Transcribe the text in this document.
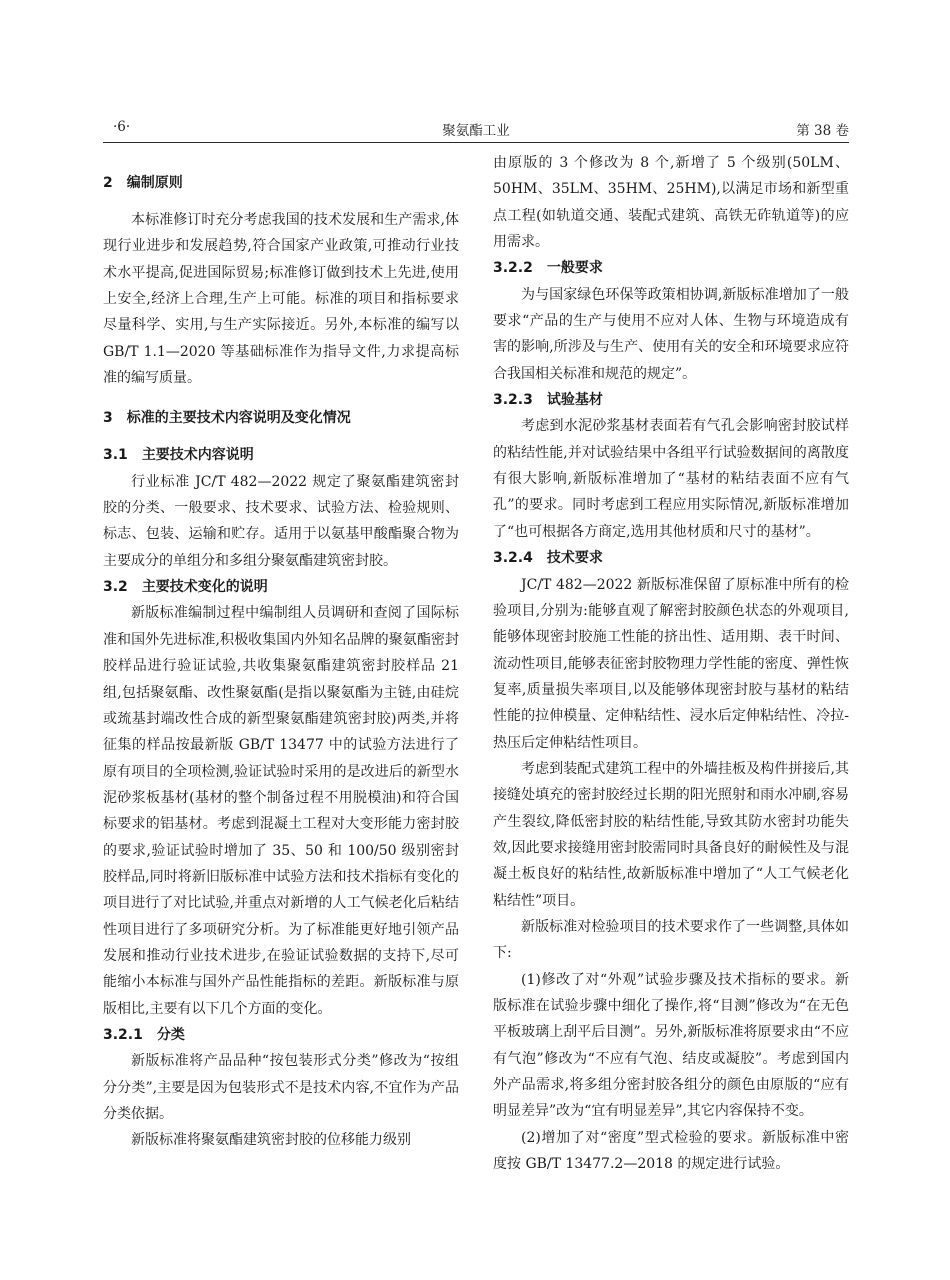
·6·	聚氨酯工业	第 38 卷
2 编制原则

本标准修订时充分考虑我国的技术发展和生产需求,体现行业进步和发展趋势,符合国家产业政策,可推动行业技术水平提高,促进国际贸易;标准修订做到技术上先进,使用上安全,经济上合理,生产上可能。标准的项目和指标要求尽量科学、实用,与生产实际接近。另外,本标准的编写以 GB/T 1.1—2020 等基础标准作为指导文件,力求提高标准的编写质量。

3 标准的主要技术内容说明及变化情况
3.1 主要技术内容说明

行业标准 JC/T 482—2022 规定了聚氨酯建筑密封胶的分类、一般要求、技术要求、试验方法、检验规则、标志、包装、运输和贮存。适用于以氨基甲酸酯聚合物为主要成分的单组分和多组分聚氨酯建筑密封胶。

3.2 主要技术变化的说明

新版标准编制过程中编制组人员调研和查阅了国际标准和国外先进标准,积极收集国内外知名品牌的聚氨酯密封胶样品进行验证试验,共收集聚氨酯建筑密封胶样品 21 组,包括聚氨酯、改性聚氨酯(是指以聚氨酯为主链,由硅烷或巯基封端改性合成的新型聚氨酯建筑密封胶)两类,并将征集的样品按最新版 GB/T 13477 中的试验方法进行了原有项目的全项检测,验证试验时采用的是改进后的新型水泥砂浆板基材(基材的整个制备过程不用脱模油)和符合国标要求的铝基材。考虑到混凝土工程对大变形能力密封胶的要求,验证试验时增加了 35、50 和 100/50 级别密封胶样品,同时将新旧版标准中试验方法和技术指标有变化的项目进行了对比试验,并重点对新增的人工气候老化后粘结性项目进行了多项研究分析。为了标准能更好地引领产品发展和推动行业技术进步,在验证试验数据的支持下,尽可能缩小本标准与国外产品性能指标的差距。新版标准与原版相比,主要有以下几个方面的变化。

3.2.1 分类

新版标准将产品品种“按包装形式分类”修改为“按组分分类”,主要是因为包装形式不是技术内容,不宜作为产品分类依据。

新版标准将聚氨酯建筑密封胶的位移能力级别

由原版的 3 个修改为 8 个,新增了 5 个级别(50LM、50HM、35LM、35HM、25HM),以满足市场和新型重点工程(如轨道交通、装配式建筑、高铁无砟轨道等)的应用需求。

3.2.2 一般要求

为与国家绿色环保等政策相协调,新版标准增加了一般要求“产品的生产与使用不应对人体、生物与环境造成有害的影响,所涉及与生产、使用有关的安全和环境要求应符合我国相关标准和规范的规定”。

3.2.3 试验基材

考虑到水泥砂浆基材表面若有气孔会影响密封胶试样的粘结性能,并对试验结果中各组平行试验数据间的离散度有很大影响,新版标准增加了“基材的粘结表面不应有气孔”的要求。同时考虑到工程应用实际情况,新版标准增加了“也可根据各方商定,选用其他材质和尺寸的基材”。

3.2.4 技术要求

JC/T 482—2022 新版标准保留了原标准中所有的检验项目,分别为:能够直观了解密封胶颜色状态的外观项目,能够体现密封胶施工性能的挤出性、适用期、表干时间、流动性项目,能够表征密封胶物理力学性能的密度、弹性恢复率,质量损失率项目,以及能够体现密封胶与基材的粘结性能的拉伸模量、定伸粘结性、浸水后定伸粘结性、冷拉-热压后定伸粘结性项目。

考虑到装配式建筑工程中的外墙挂板及构件拼接后,其接缝处填充的密封胶经过长期的阳光照射和雨水冲刷,容易产生裂纹,降低密封胶的粘结性能,导致其防水密封功能失效,因此要求接缝用密封胶需同时具备良好的耐候性及与混凝土板良好的粘结性,故新版标准中增加了“人工气候老化粘结性”项目。

新版标准对检验项目的技术要求作了一些调整,具体如下:

(1)修改了对“外观”试验步骤及技术指标的要求。新版标准在试验步骤中细化了操作,将“目测”修改为“在无色平板玻璃上刮平后目测”。另外,新版标准将原要求由“不应有气泡”修改为“不应有气泡、结皮或凝胶”。考虑到国内外产品需求,将多组分密封胶各组分的颜色由原版的“应有明显差异”改为“宜有明显差异”,其它内容保持不变。

(2)增加了对“密度”型式检验的要求。新版标准中密度按 GB/T 13477.2—2018 的规定进行试验。
